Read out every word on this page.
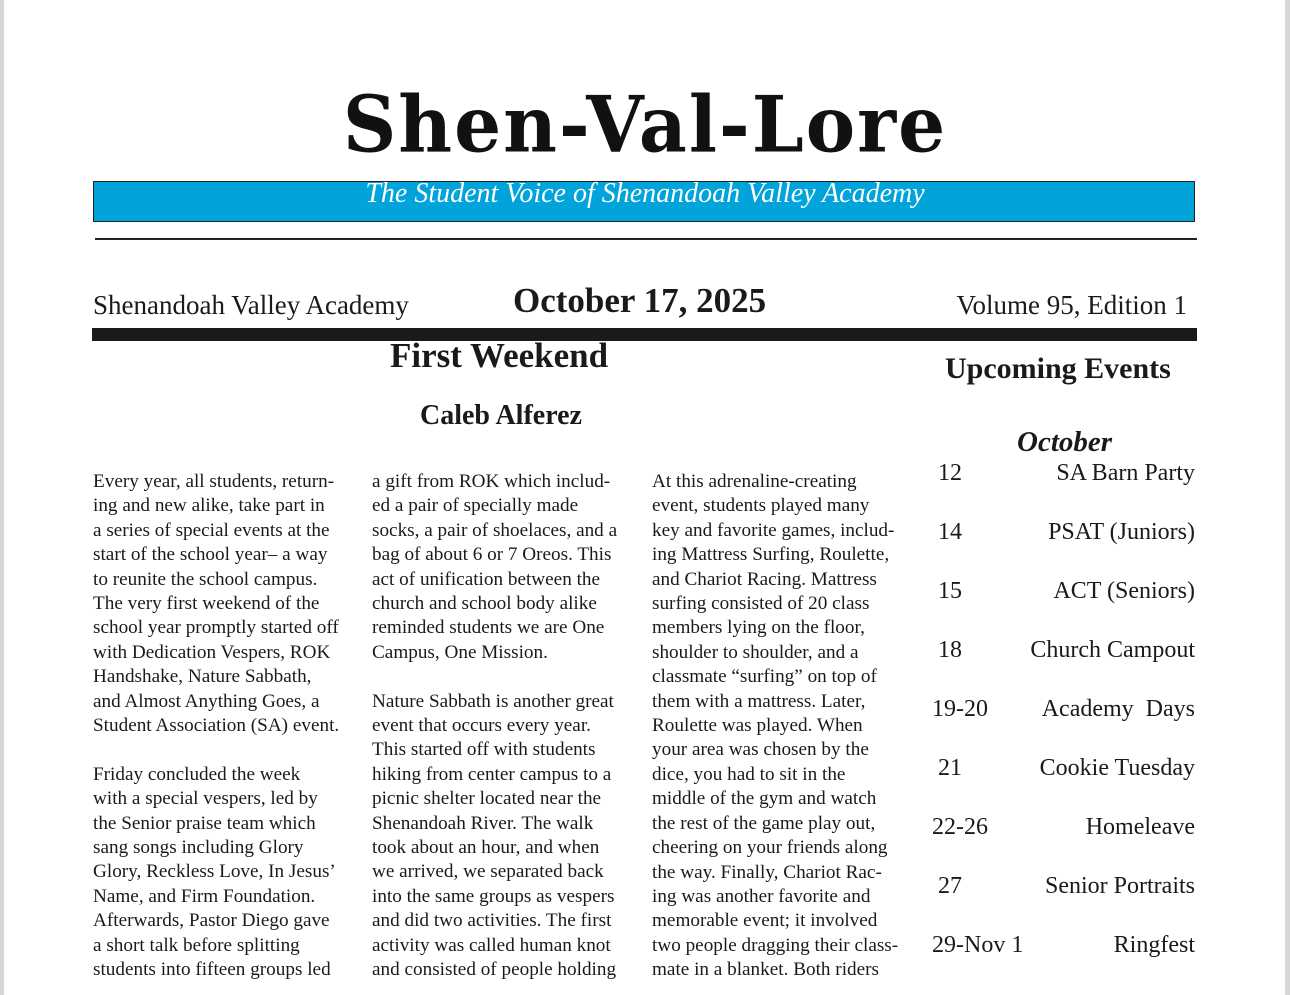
Shen-Val-Lore
The Student Voice of Shenandoah Valley Academy
Shenandoah Valley Academy	October 17, 2025	Volume 95, Edition 1
First Weekend
Caleb Alferez
Every year, all students, return-
ing and new alike, take part in
a series of special events at the
start of the school year– a way
to reunite the school campus.
The very first weekend of the
school year promptly started off
with Dedication Vespers, ROK
Handshake, Nature Sabbath,
and Almost Anything Goes, a
Student Association (SA) event.
Friday concluded the week
with a special vespers, led by
the Senior praise team which
sang songs including Glory
Glory, Reckless Love, In Jesus’
Name, and Firm Foundation.
Afterwards, Pastor Diego gave
a short talk before splitting
students into fifteen groups led
a gift from ROK which includ-
ed a pair of specially made
socks, a pair of shoelaces, and a
bag of about 6 or 7 Oreos. This
act of unification between the
church and school body alike
reminded students we are One
Campus, One Mission.
Nature Sabbath is another great
event that occurs every year.
This started off with students
hiking from center campus to a
picnic shelter located near the
Shenandoah River. The walk
took about an hour, and when
we arrived, we separated back
into the same groups as vespers
and did two activities. The first
activity was called human knot
and consisted of people holding
At this adrenaline-creating
event, students played many
key and favorite games, includ-
ing Mattress Surfing, Roulette,
and Chariot Racing. Mattress
surfing consisted of 20 class
members lying on the floor,
shoulder to shoulder, and a
classmate “surfing” on top of
them with a mattress. Later,
Roulette was played. When
your area was chosen by the
dice, you had to sit in the
middle of the gym and watch
the rest of the game play out,
cheering on your friends along
the way. Finally, Chariot Rac-
ing was another favorite and
memorable event; it involved
two people dragging their class-
mate in a blanket. Both riders
Upcoming Events
October
12	SA Barn Party
14	PSAT (Juniors)
15	ACT (Seniors)
18	Church Campout
19-20 Academy  Days
21	Cookie Tuesday
22-26	Homeleave
27	Senior Portraits
29-Nov 1	Ringfest
